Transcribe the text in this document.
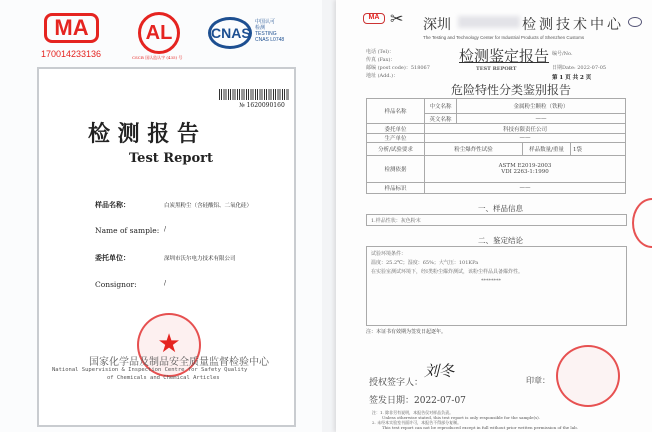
MA
170014233136
AL
CSCB 国认监认字 (435) 号
CNAS
中国认可
检测
TESTING
CNAS L0748
№ 1620090160
检 测 报 告
Test Report
样品名称：	白炭黑粉尘（含硅酸铝、二氧化硅）
Name of sample: /
委托单位：	深圳市沃尔电力技术有限公司
Consignor:	/
★
国家化学品及制品安全质量监督检验中心
National Supervision & Inspection Centre for Safety Quality
of Chemicals and Chemical Articles
MA ✂ 深圳	检测技术中心
The Testing and Technology Center for Industrial Products of Shenzhen Customs
电话 (Tel)：
传真 (Fax)：
邮编 (post code)：518067
地址 (Add.)：
检测鉴定报告
TEST REPORT
编号/No.
日期Date: 2022-07-05
第 1 页 共 2 页
危险特性分类鉴别报告
样品名称	中文名称	金属粉尘颗粒（铁粉）		
	英文名称	——		
委托单位	科技有限责任公司			
生产单位	——			
分析/试验要求	粉尘爆炸性试验		样品数量/重量	1袋
检测依据	ASTM E2019-2003
VDI 2263-1:1990			

样品标识	——			
一、样品信息
1.样品性状：灰色粉末
二、鉴定结论
试验环境条件：
温度：25.2℃；湿度：65%；大气压：101KPa
在实验室测试环境下，经Ⅰ类粉尘爆炸测试，该粉尘样品具备爆炸性。
********
注：本证书有效期为签发日起逐年。
授权签字人：
刘冬
印章：
签发日期：2022-07-07
注：1. 除非另有说明，本报告仅对样品负责。
Unless otherwise stated, this test report is only responsible for the sample(s).
2. 未经本实验室书面许可，本报告不得部分复制。
This test report can not be reproduced except in full without prior written permission of the lab.
